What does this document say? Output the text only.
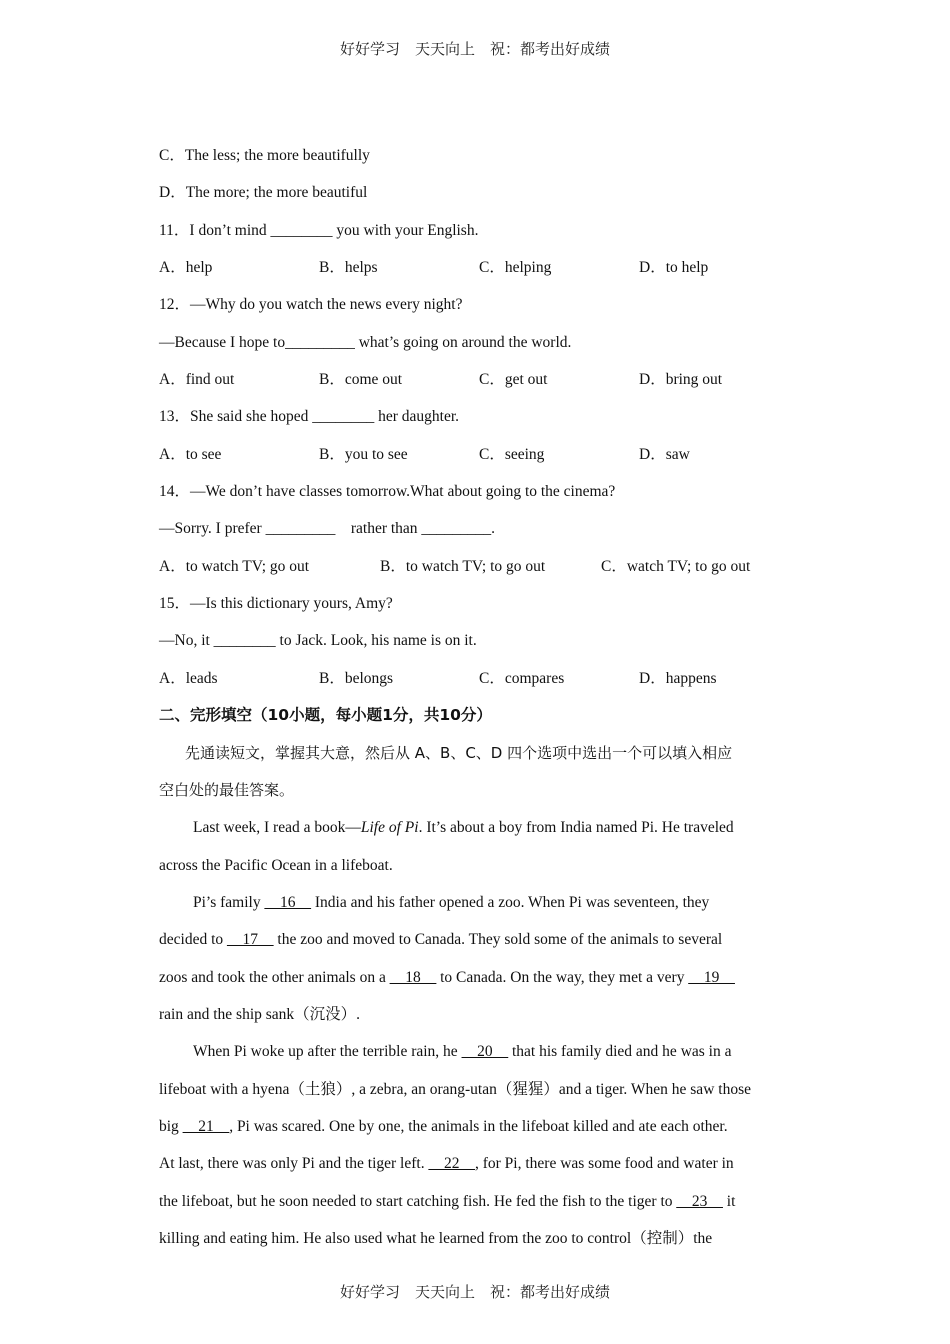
好好学习　天天向上　祝：都考出好成绩
C．The less; the more beautifully
D．The more; the more beautiful
11．I don’t mind ________ you with your English.
A．help	B．helps	C．helping	D．to help
12．—Why do you watch the news every night?
—Because I hope to_________ what’s going on around the world.
A．find out	B．come out	C．get out	D．bring out
13．She said she hoped ________ her daughter.
A．to see	B．you to see	C．seeing	D．saw
14．—We don’t have classes tomorrow.What about going to the cinema?
—Sorry. I prefer _________    rather than _________.
A．to watch TV; go out	B．to watch TV; to go out	C．watch TV; to go out
15．—Is this dictionary yours, Amy?
—No, it ________ to Jack. Look, his name is on it.
A．leads	B．belongs	C．compares	D．happens
二、完形填空（10小题，每小题1分，共10分）
先通读短文，掌握其大意，然后从 A、B、C、D 四个选项中选出一个可以填入相应
空白处的最佳答案。
Last week, I read a book—Life of Pi. It’s about a boy from India named Pi. He traveled
across the Pacific Ocean in a lifeboat.
Pi’s family __16__ India and his father opened a zoo. When Pi was seventeen, they
decided to __17__ the zoo and moved to Canada. They sold some of the animals to several
zoos and took the other animals on a __18__ to Canada. On the way, they met a very __19__
rain and the ship sank（沉没）.
When Pi woke up after the terrible rain, he __20__ that his family died and he was in a
lifeboat with a hyena（土狼）, a zebra, an orang-utan（猩猩）and a tiger. When he saw those
big __21__, Pi was scared. One by one, the animals in the lifeboat killed and ate each other.
At last, there was only Pi and the tiger left. __22__, for Pi, there was some food and water in
the lifeboat, but he soon needed to start catching fish. He fed the fish to the tiger to __23__ it
killing and eating him. He also used what he learned from the zoo to control（控制）the
好好学习　天天向上　祝：都考出好成绩
